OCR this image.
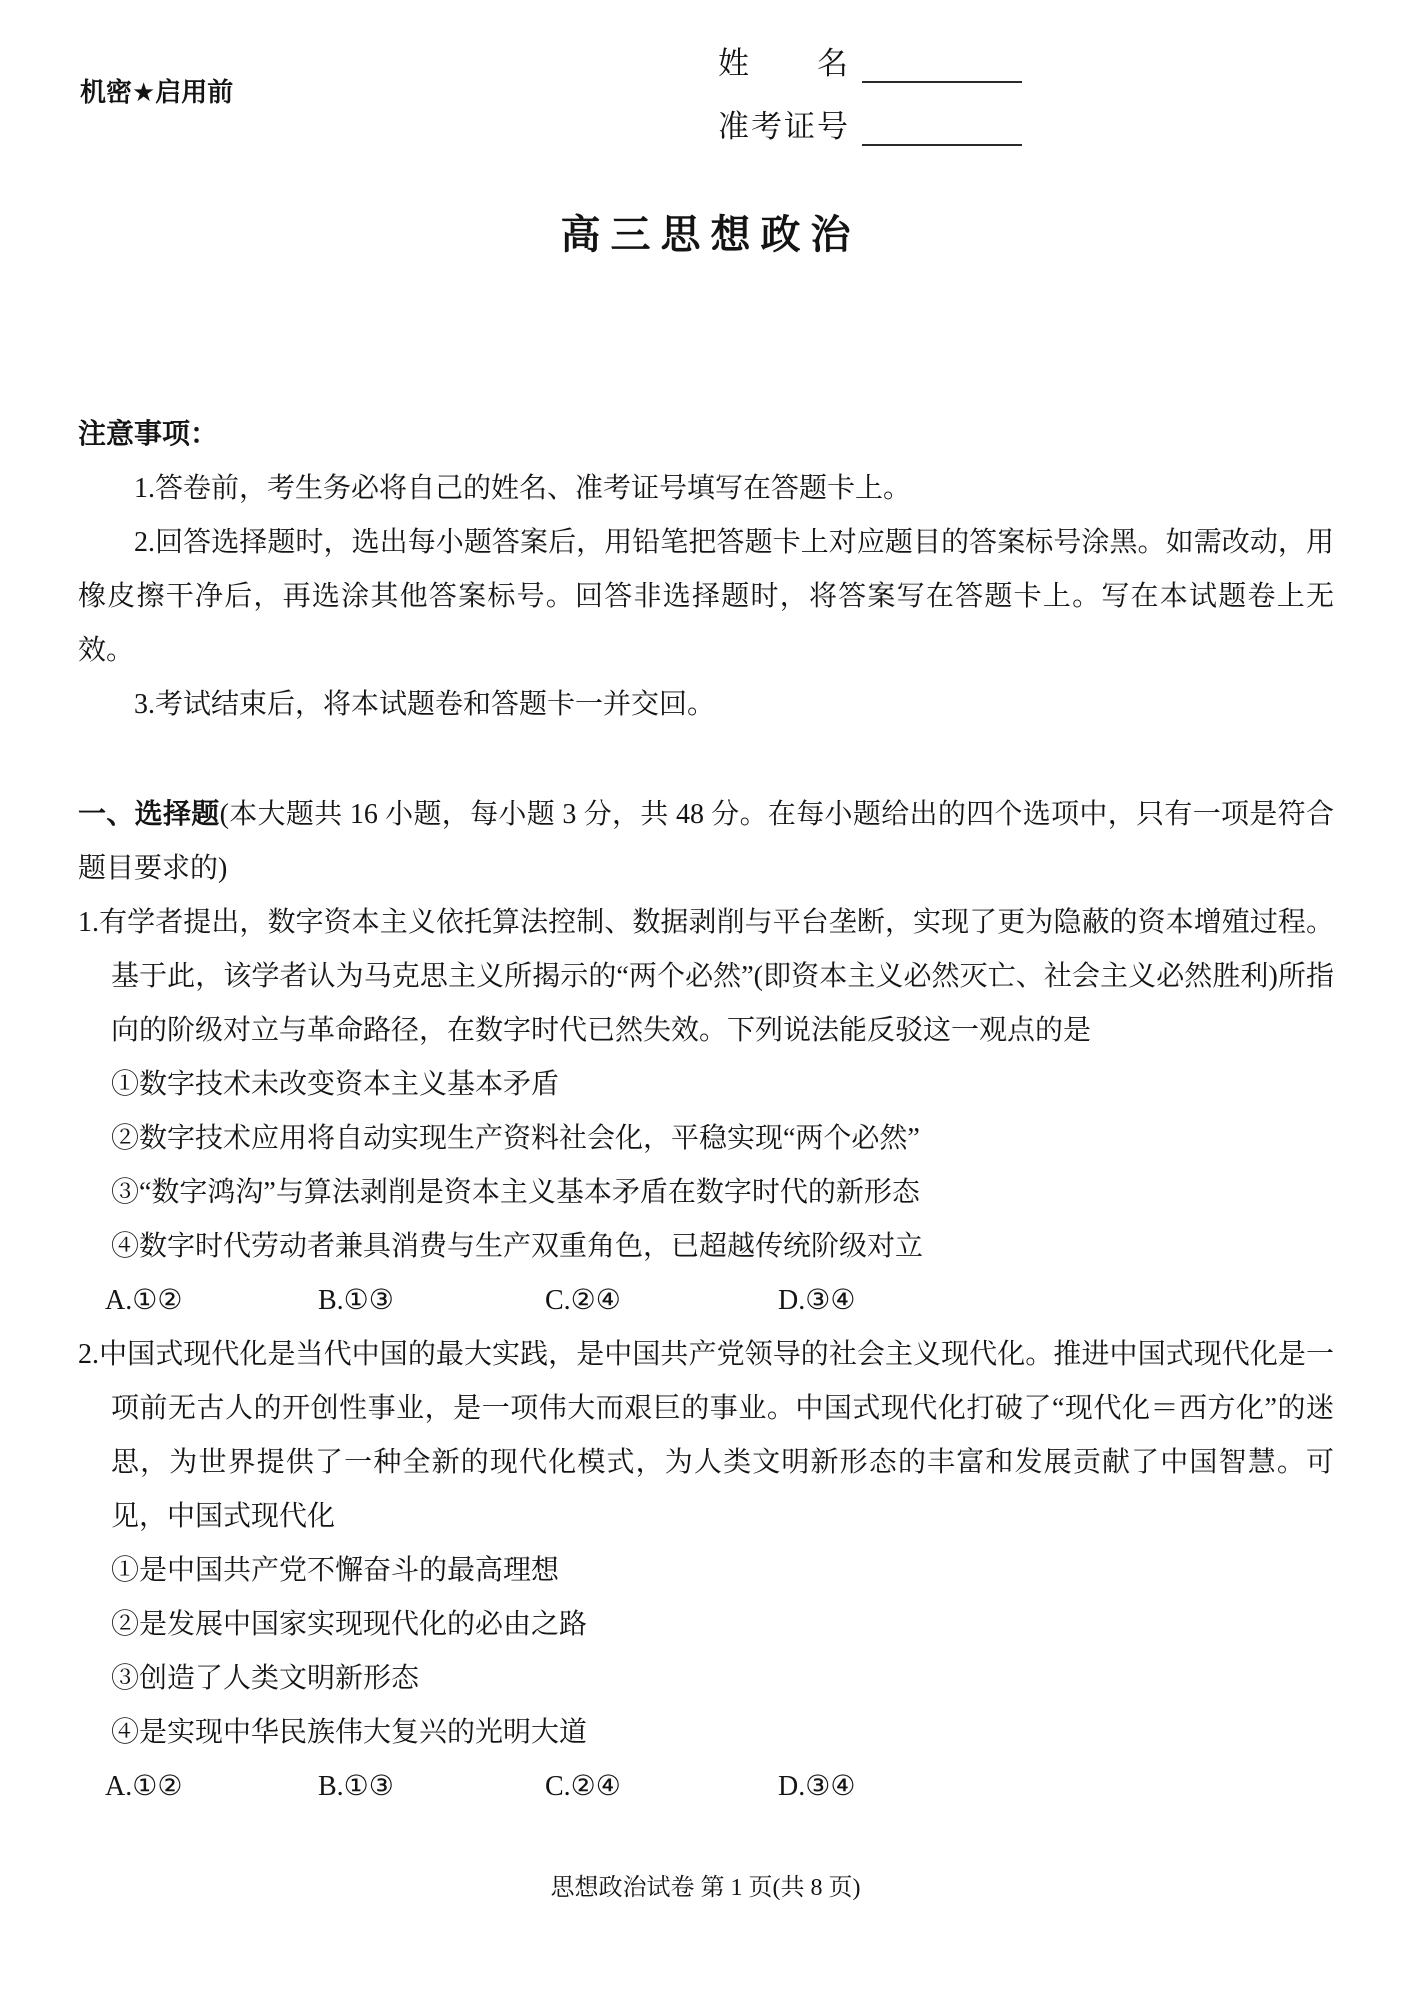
机密★启用前
姓　　名
准考证号
高 三 思 想 政 治

注意事项：

1.答卷前，考生务必将自己的姓名、准考证号填写在答题卡上。

2.回答选择题时，选出每小题答案后，用铅笔把答题卡上对应题目的答案标号涂黑。如需改动，用橡皮擦干净后，再选涂其他答案标号。回答非选择题时，将答案写在答题卡上。写在本试题卷上无效。

3.考试结束后，将本试题卷和答题卡一并交回。

一、选择题(本大题共 16 小题，每小题 3 分，共 48 分。在每小题给出的四个选项中，只有一项是符合题目要求的)

1.有学者提出，数字资本主义依托算法控制、数据剥削与平台垄断，实现了更为隐蔽的资本增殖过程。基于此，该学者认为马克思主义所揭示的“两个必然”(即资本主义必然灭亡、社会主义必然胜利)所指向的阶级对立与革命路径，在数字时代已然失效。下列说法能反驳这一观点的是

①数字技术未改变资本主义基本矛盾

②数字技术应用将自动实现生产资料社会化，平稳实现“两个必然”

③“数字鸿沟”与算法剥削是资本主义基本矛盾在数字时代的新形态

④数字时代劳动者兼具消费与生产双重角色，已超越传统阶级对立

A.①②	B.①③	C.②④	D.③④

2.中国式现代化是当代中国的最大实践，是中国共产党领导的社会主义现代化。推进中国式现代化是一项前无古人的开创性事业，是一项伟大而艰巨的事业。中国式现代化打破了“现代化＝西方化”的迷思，为世界提供了一种全新的现代化模式，为人类文明新形态的丰富和发展贡献了中国智慧。可见，中国式现代化

①是中国共产党不懈奋斗的最高理想

②是发展中国家实现现代化的必由之路

③创造了人类文明新形态

④是实现中华民族伟大复兴的光明大道

A.①②	B.①③	C.②④	D.③④
思想政治试卷 第 1 页(共 8 页)
